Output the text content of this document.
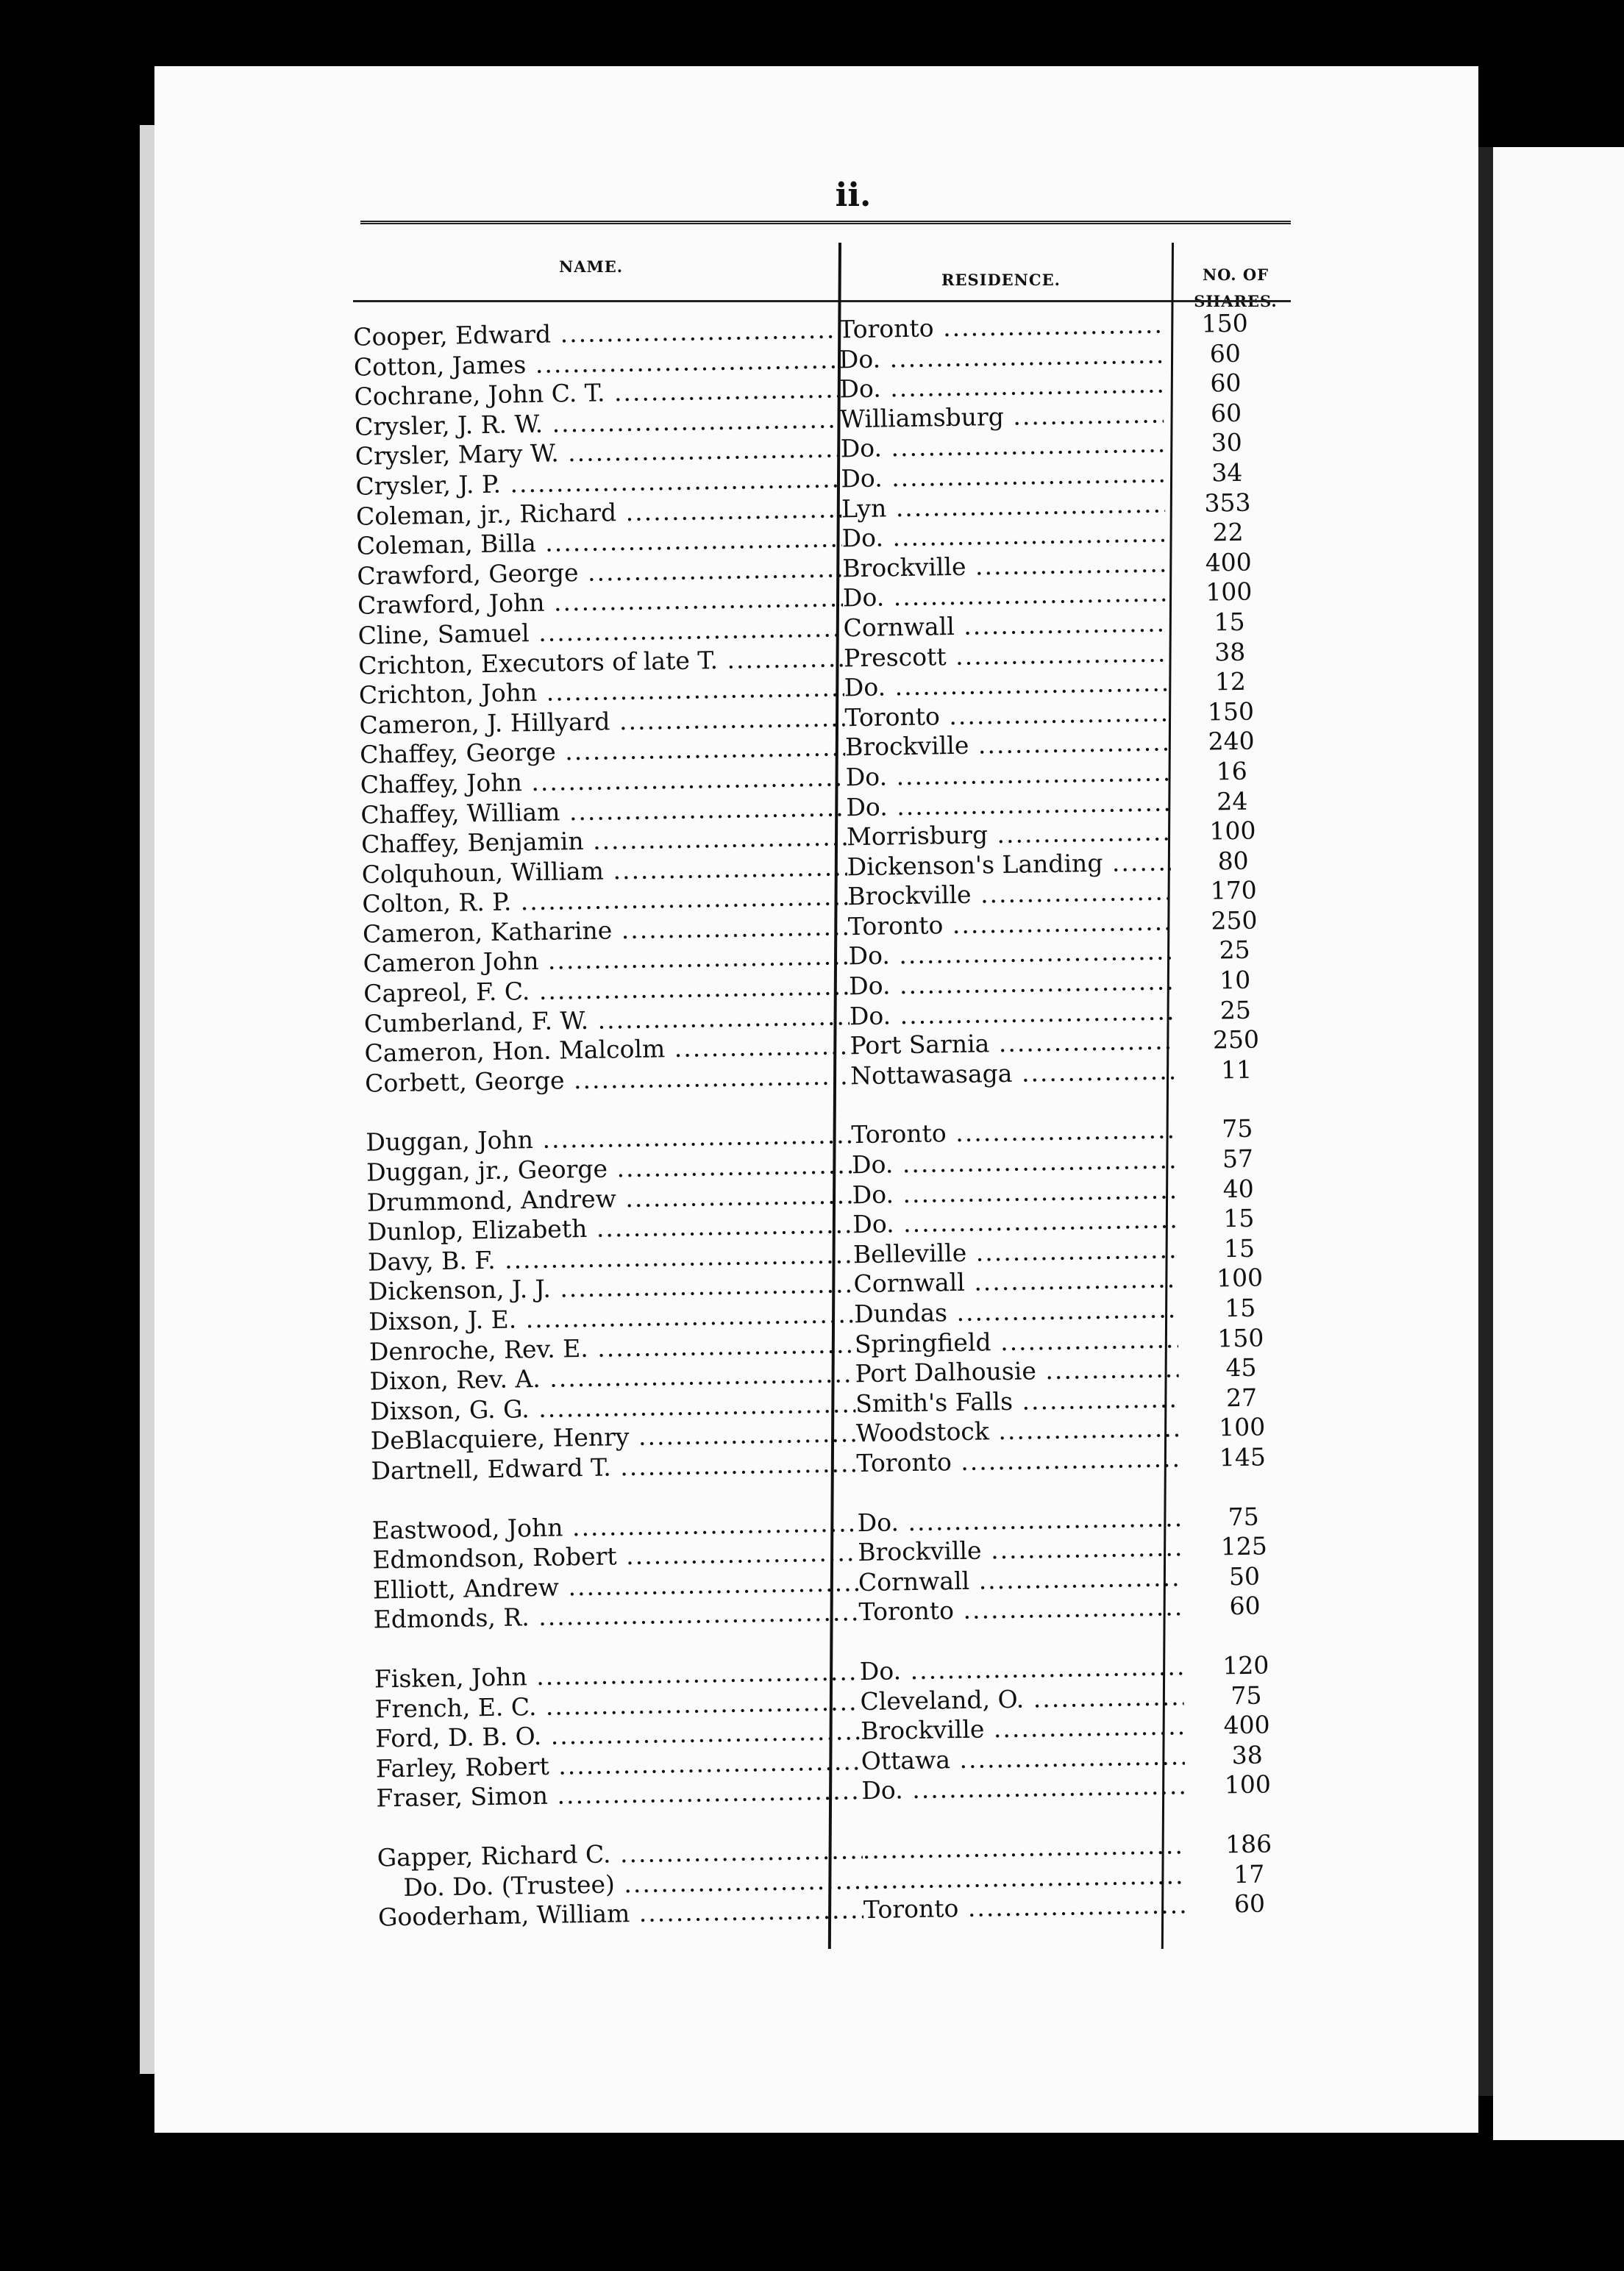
ii.
NAME.
RESIDENCE.	NO. OF
SHARES.
Cooper, Edward .....	Toronto .....	150
Cotton, James .....	Do. .....	60
Cochrane, John C. T. .....	Do. .....	60
Crysler, J. R. W. .....	Williamsburg .....	60
Crysler, Mary W. .....	Do. .....	30
Crysler, J. P. .....	Do. .....	34
Coleman, jr., Richard .....	Lyn .....	353
Coleman, Billa .....	Do. .....	22
Crawford, George .....	Brockville .....	400
Crawford, John .....	Do. .....	100
Cline, Samuel .....	Cornwall .....	15
Crichton, Executors of late T. .....	Prescott .....	38
Crichton, John .....	Do. .....	12
Cameron, J. Hillyard .....	Toronto .....	150
Chaffey, George .....	Brockville .....	240
Chaffey, John .....	Do. .....	16
Chaffey, William .....	Do. .....	24
Chaffey, Benjamin .....	Morrisburg .....	100
Colquhoun, William .....	Dickenson's Landing .....	80
Colton, R. P. .....	Brockville .....	170
Cameron, Katharine .....	Toronto .....	250
Cameron John .....	Do. .....	25
Capreol, F. C. .....	Do. .....	10
Cumberland, F. W. .....	Do. .....	25
Cameron, Hon. Malcolm .....	Port Sarnia .....	250
Corbett, George .....	Nottawasaga .....	11
Duggan, John .....	Toronto .....	75
Duggan, jr., George .....	Do. .....	57
Drummond, Andrew .....	Do. .....	40
Dunlop, Elizabeth .....	Do. .....	15
Davy, B. F. .....	Belleville .....	15
Dickenson, J. J. .....	Cornwall .....	100
Dixson, J. E. .....	Dundas .....	15
Denroche, Rev. E. .....	Springfield .....	150
Dixon, Rev. A. .....	Port Dalhousie .....	45
Dixson, G. G. .....	Smith's Falls .....	27
DeBlacquiere, Henry .....	Woodstock .....	100
Dartnell, Edward T. .....	Toronto .....	145
Eastwood, John .....	Do. .....	75
Edmondson, Robert .....	Brockville .....	125
Elliott, Andrew .....	Cornwall .....	50
Edmonds, R. .....	Toronto .....	60
Fisken, John .....	Do. .....	120
French, E. C. .....	Cleveland, O. .....	75
Ford, D. B. O. .....	Brockville .....	400
Farley, Robert .....	Ottawa .....	38
Fraser, Simon .....	Do. .....	100
Gapper, Richard C. ..... .....	186
Do. Do. (Trustee) ..... .....	17
Gooderham, William .....	Toronto .....	60
